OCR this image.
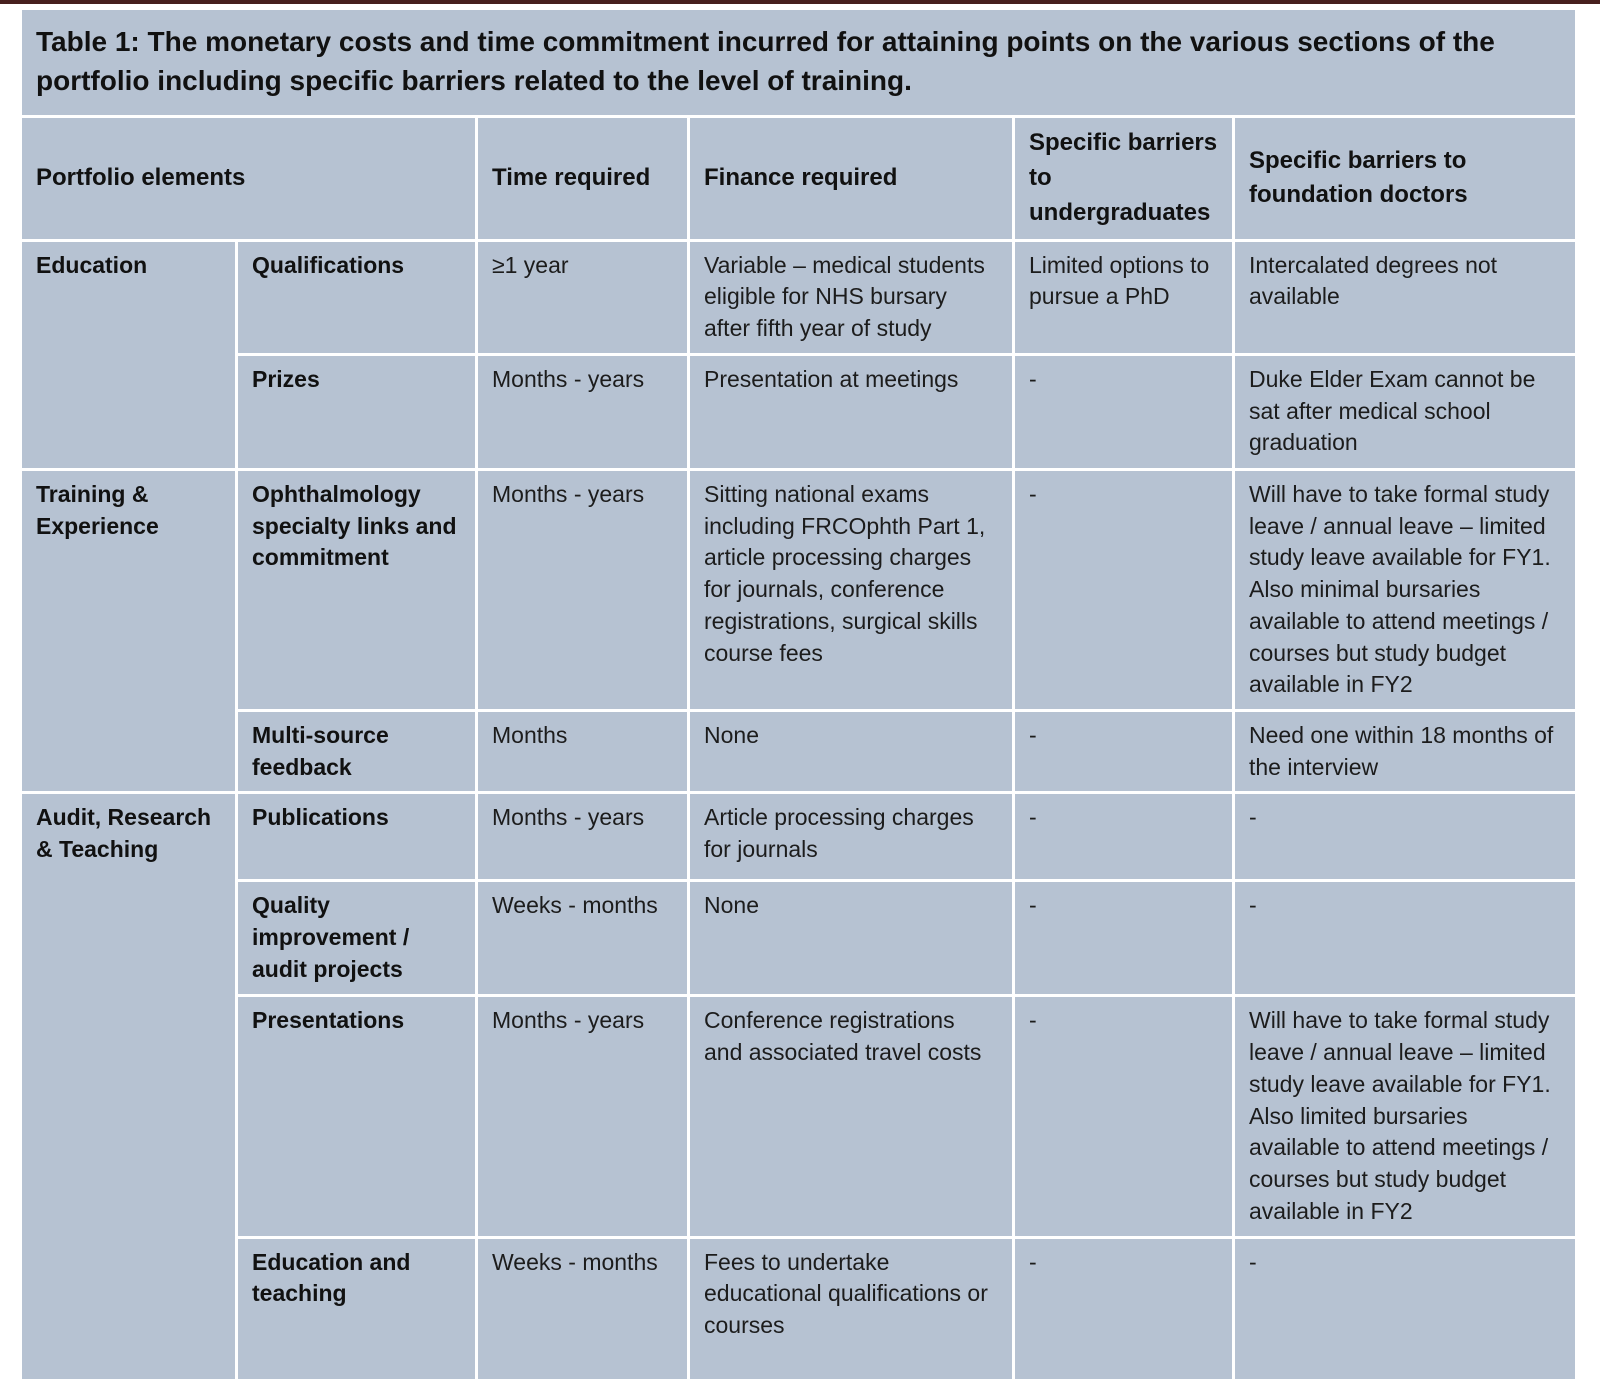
Table 1: The monetary costs and time commitment incurred for attaining points on the various sections of the portfolio including specific barriers related to the level of training.
Portfolio elements		Time required	Finance required	Specific barriers to undergraduates	Specific barriers to foundation doctors
Education	Qualifications	≥1 year	Variable – medical students eligible for NHS bursary after fifth year of study	Limited options to pursue a PhD	Intercalated degrees not available
	Prizes	Months - years	Presentation at meetings	-	Duke Elder Exam cannot be sat after medical school graduation
Training & Experience	Ophthalmology specialty links and commitment	Months - years	Sitting national exams including FRCOphth Part 1, article processing charges for journals, conference registrations, surgical skills course fees	-	Will have to take formal study leave / annual leave – limited study leave available for FY1. Also minimal bursaries available to attend meetings / courses but study budget available in FY2
	Multi-source feedback	Months	None	-	Need one within 18 months of the interview
Audit, Research & Teaching	Publications	Months - years	Article processing charges for journals	-	-
	Quality improvement / audit projects	Weeks - months	None	-	-
	Presentations	Months - years	Conference registrations and associated travel costs	-	Will have to take formal study leave / annual leave – limited study leave available for FY1. Also limited bursaries available to attend meetings / courses but study budget available in FY2
	Education and teaching	Weeks - months	Fees to undertake educational qualifications or courses	-	-
